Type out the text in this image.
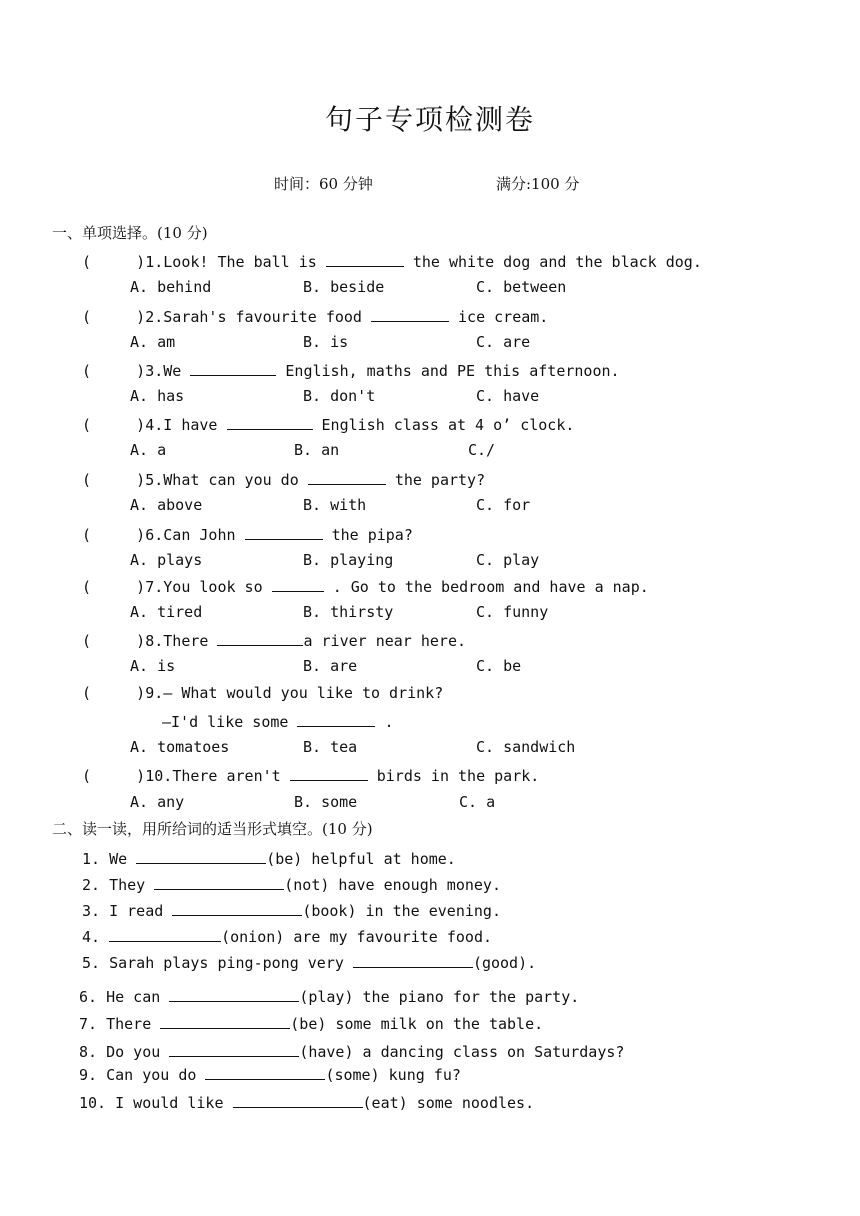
句子专项检测卷
时间：60 分钟	满分:100 分
一、单项选择。(10 分)
(     )1.Look! The ball is	the white dog and the black dog.
A. behind	B. beside	C. between
(     )2.Sarah's favourite food	ice cream.
A. am	B. is	C. are
(     )3.We	English, maths and PE this afternoon.
A. has	B. don't	C. have
(     )4.I have	English class at 4 o’ clock.
A. a	B. an	C./
(     )5.What can you do	the party?
A. above	B. with	C. for
(     )6.Can John	the pipa?
A. plays	B. playing	C. play
(     )7.You look so	. Go to the bedroom and have a nap.
A. tired	B. thirsty	C. funny
(     )8.There	a river near here.
A. is	B. are	C. be
(     )9.— What would you like to drink?
—I'd like some	.
A. tomatoes	B. tea	C. sandwich
(     )10.There aren't	birds in the park.
A. any	B. some	C. a
二、读一读，用所给词的适当形式填空。(10 分)
1. We	(be) helpful at home.
2. They	(not) have enough money.
3. I read	(book) in the evening.
4.	(onion) are my favourite food.
5. Sarah plays ping-pong very	(good).
6. He can	(play) the piano for the party.
7. There	(be) some milk on the table.
8. Do you	(have) a dancing class on Saturdays?
9. Can you do	(some) kung fu?
10. I would like	(eat) some noodles.
